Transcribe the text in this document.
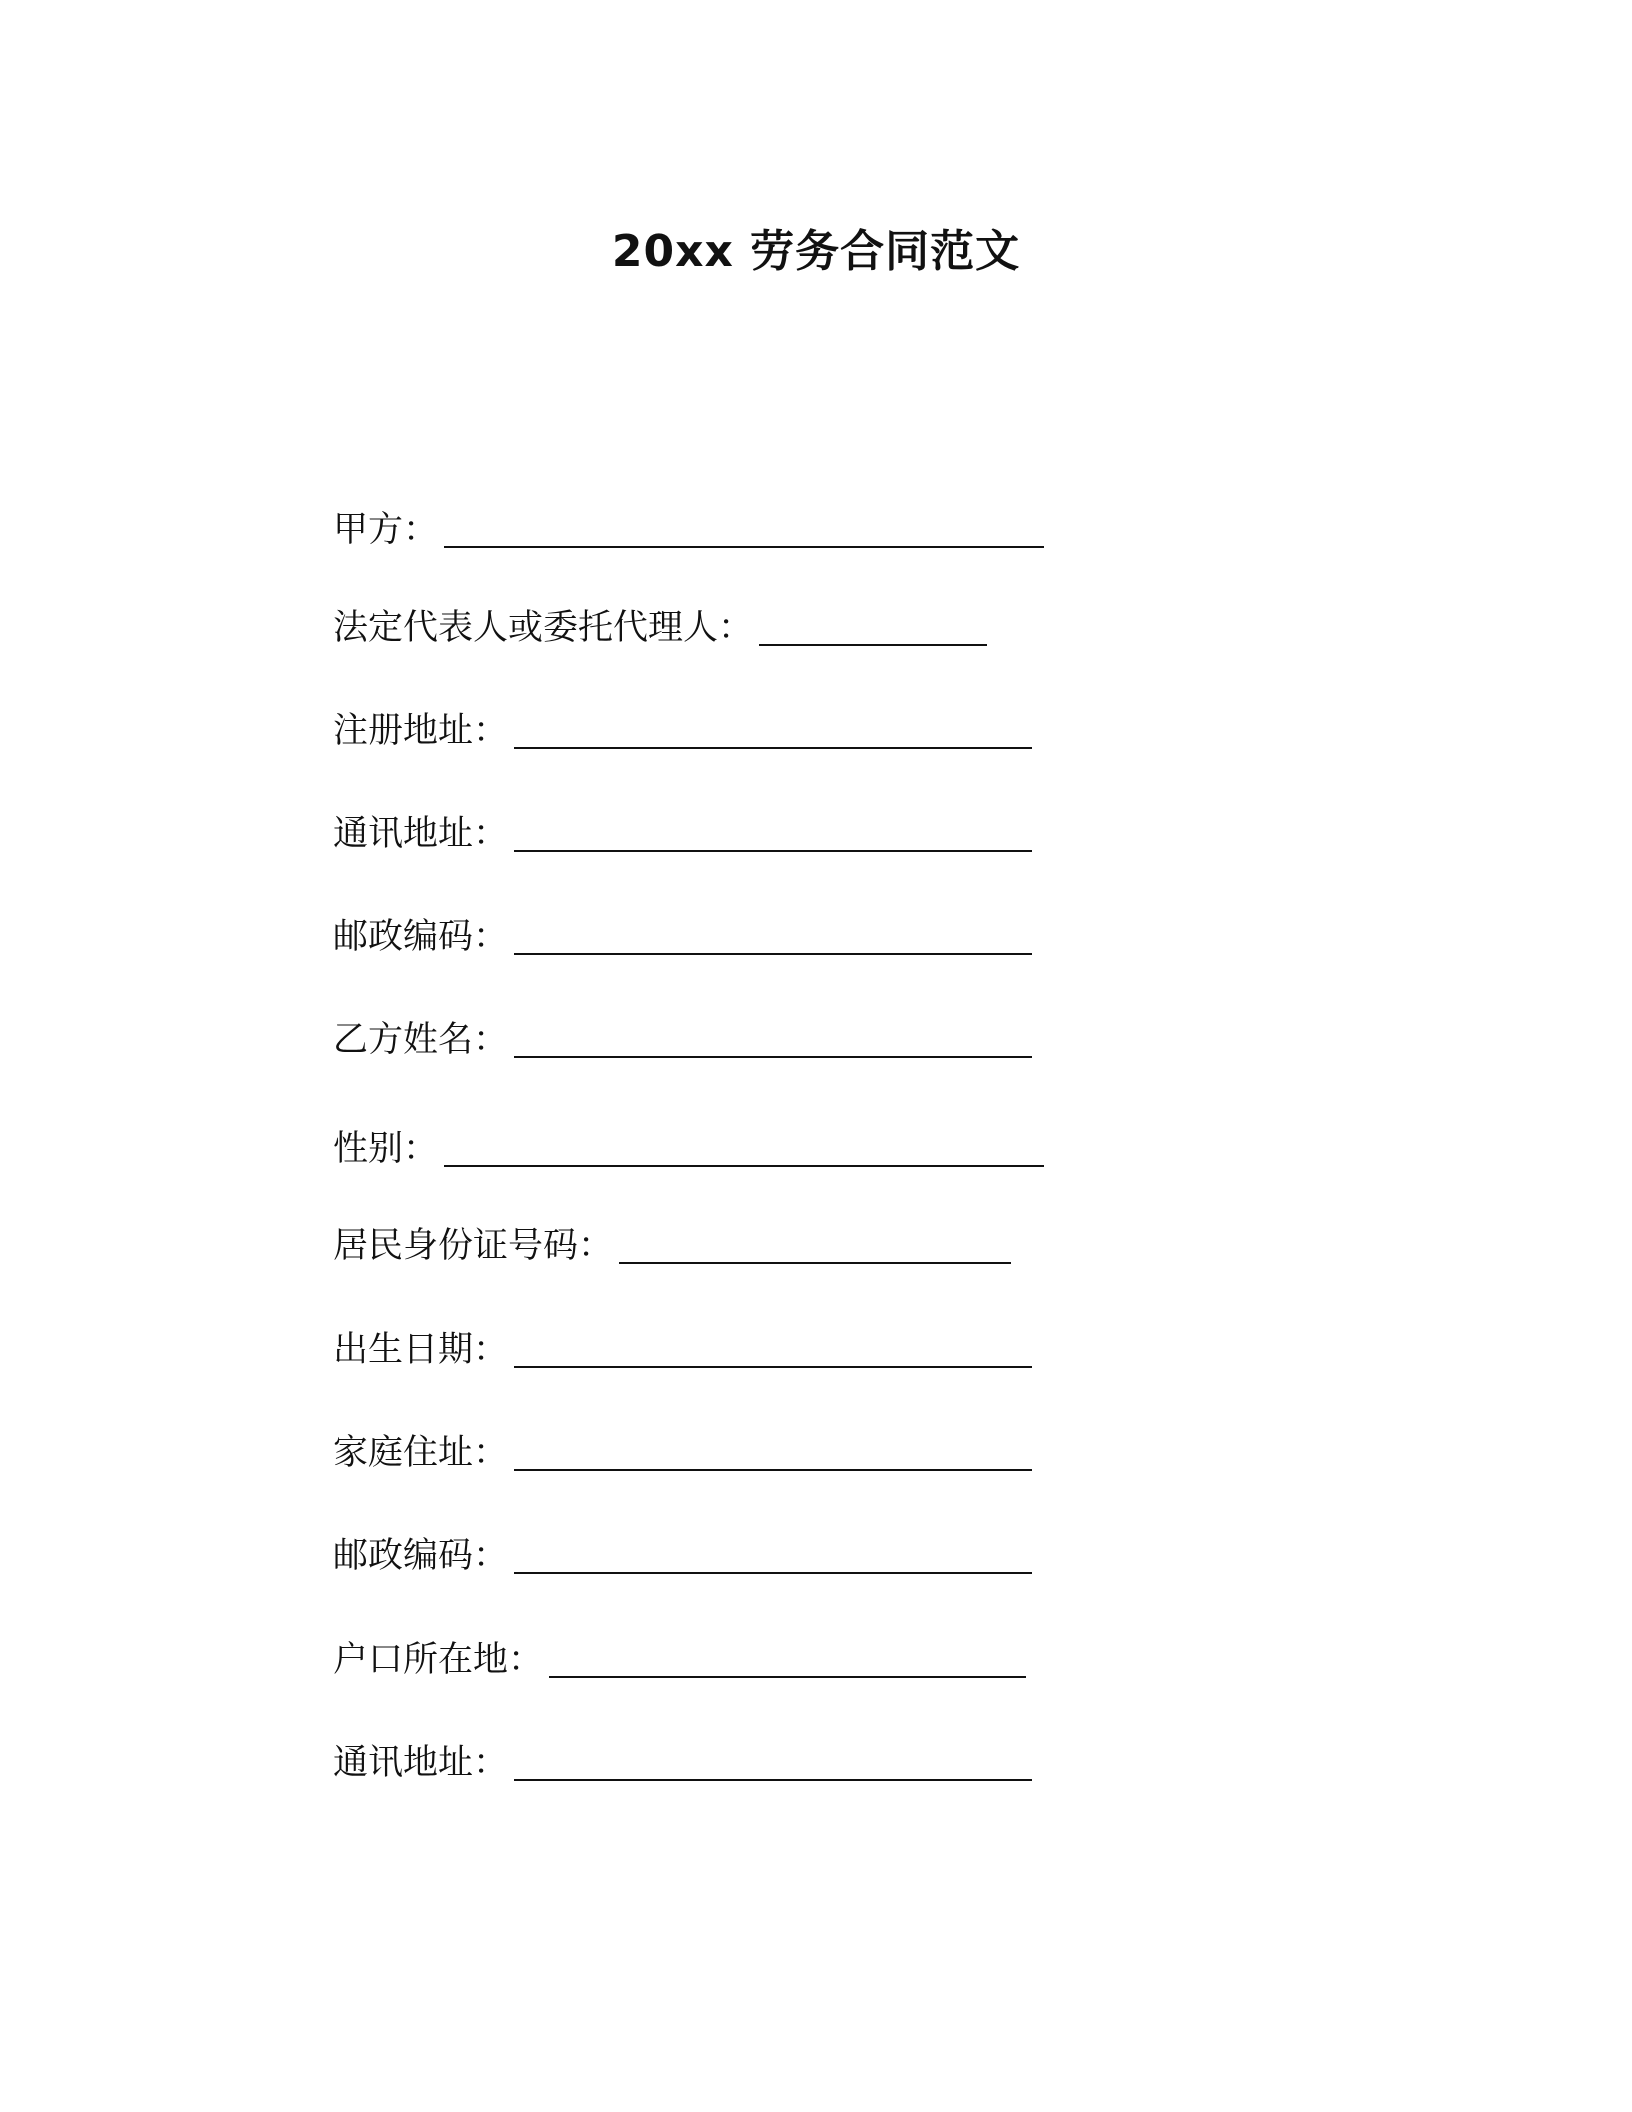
20xx 劳务合同范文
甲方：
法定代表人或委托代理人：
注册地址：
通讯地址：
邮政编码：
乙方姓名：
性别：
居民身份证号码：
出生日期：
家庭住址：
邮政编码：
户口所在地：
通讯地址：
